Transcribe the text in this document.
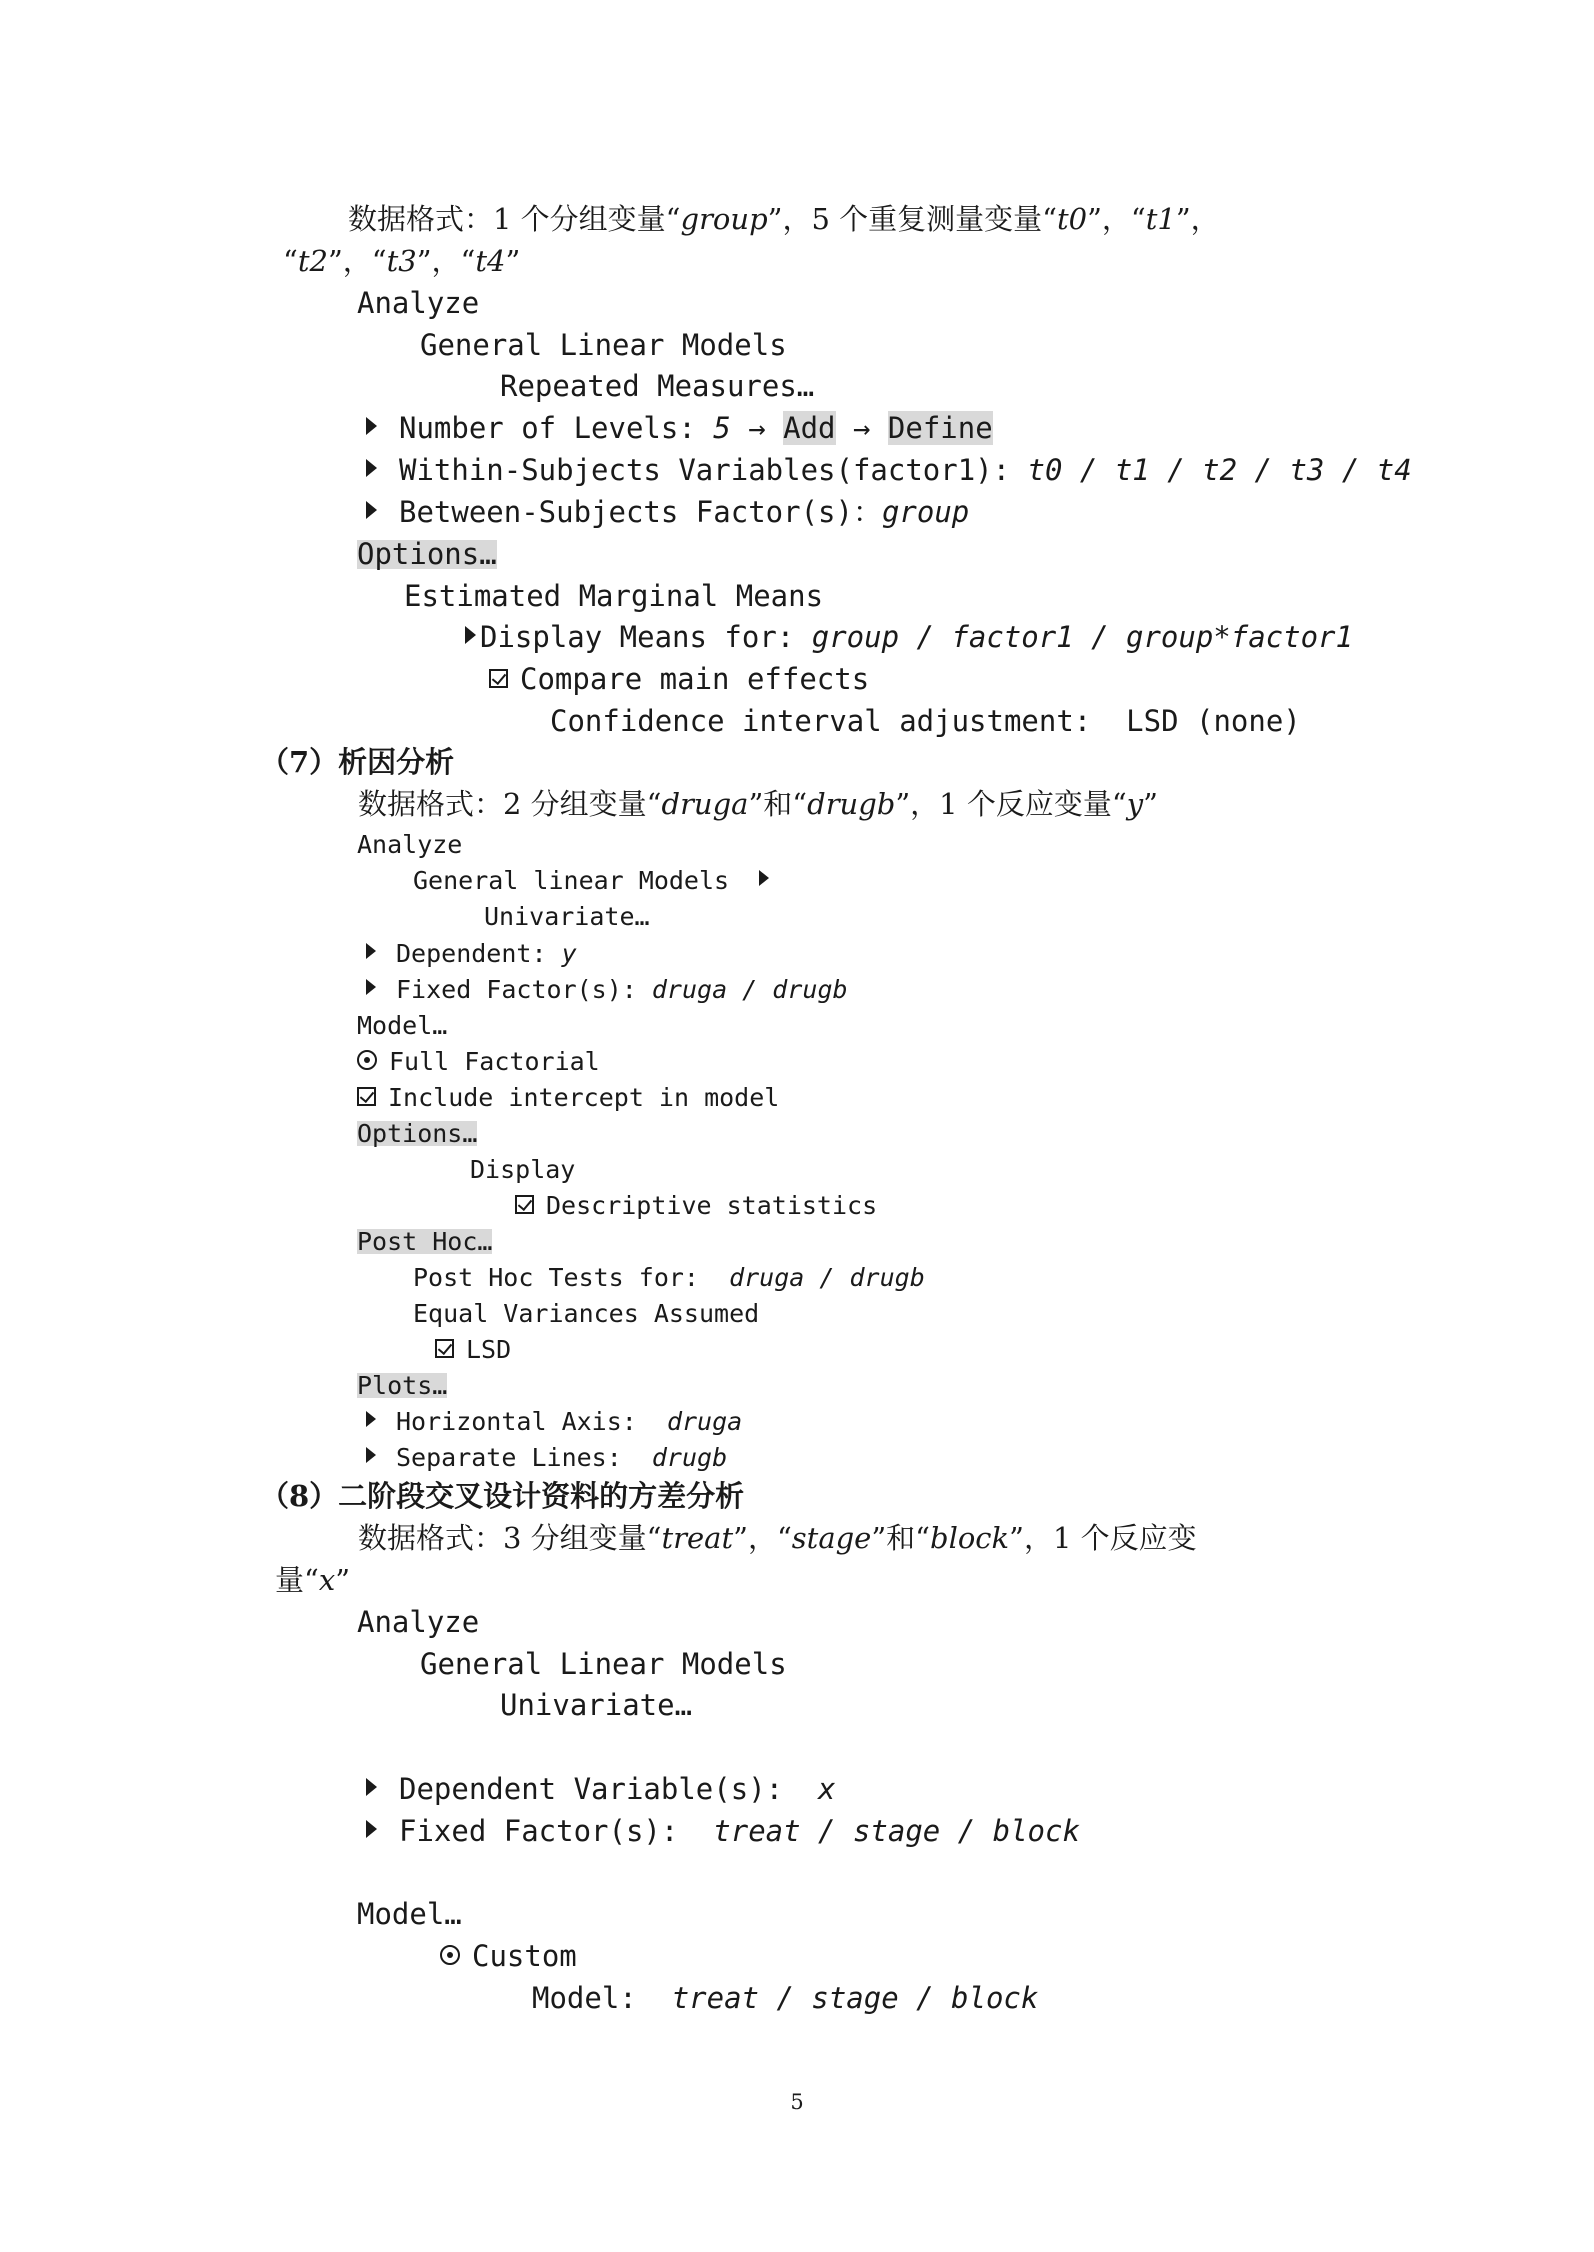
数据格式：1 个分组变量“group”，5 个重复测量变量“t0”，“t1”，
“t2”，“t3”，“t4”
Analyze
General Linear Models
Repeated Measures…
Number of Levels: 5 → Add → Define
Within-Subjects Variables(factor1): t0 / t1 / t2 / t3 / t4
Between-Subjects Factor(s)：group
Options…
Estimated Marginal Means
Display Means for: group / factor1 / group*factor1
Compare main effects
Confidence interval adjustment:  LSD (none)
（7）析因分析
数据格式：2 分组变量“druga”和“drugb”，1 个反应变量“y”
Analyze
General linear Models
Univariate…
Dependent: y
Fixed Factor(s): druga / drugb
Model…
Full Factorial
Include intercept in model
Options…
Display
Descriptive statistics
Post Hoc…
Post Hoc Tests for:  druga / drugb
Equal Variances Assumed
LSD
Plots…
Horizontal Axis:  druga
Separate Lines:  drugb
（8）二阶段交叉设计资料的方差分析
数据格式：3 分组变量“treat”，“stage”和“block”，1 个反应变
量“x”
Analyze
General Linear Models
Univariate…
Dependent Variable(s):  x
Fixed Factor(s):  treat / stage / block
Model…
Custom
Model:  treat / stage / block
5
